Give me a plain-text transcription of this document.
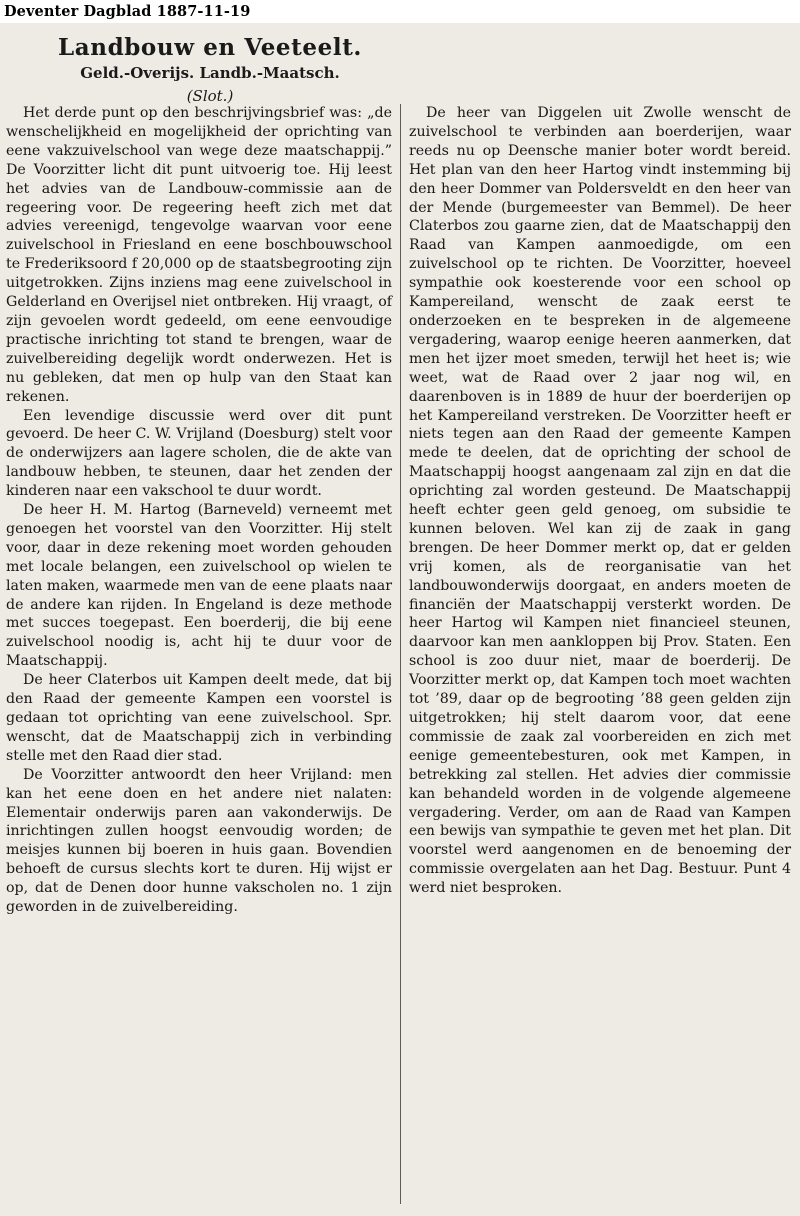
Deventer Dagblad 1887-11-19
Landbouw en Veeteelt.
Geld.-Overijs. Landb.-Maatsch.
(Slot.)

Het derde punt op den beschrijvingsbrief was: „de wenschelijkheid en mogelijkheid der oprichting van eene vakzuivelschool van wege deze maatschappij.” De Voorzitter licht dit punt uitvoerig toe. Hij leest het advies van de Landbouw-commissie aan de regeering voor. De regeering heeft zich met dat advies vereenigd, tengevolge waarvan voor eene zuivelschool in Friesland en eene boschbouwschool te Frederiksoord f 20,000 op de staatsbegrooting zijn uitgetrokken. Zijns inziens mag eene zuivelschool in Gelderland en Overijsel niet ontbreken. Hij vraagt, of zijn gevoelen wordt gedeeld, om eene eenvoudige practische inrichting tot stand te brengen, waar de zuivelbereiding degelijk wordt onderwezen. Het is nu gebleken, dat men op hulp van den Staat kan rekenen.

Een levendige discussie werd over dit punt gevoerd. De heer C. W. Vrijland (Doesburg) stelt voor de onderwijzers aan lagere scholen, die de akte van landbouw hebben, te steunen, daar het zenden der kinderen naar een vakschool te duur wordt.

De heer H. M. Hartog (Barneveld) verneemt met genoegen het voorstel van den Voorzitter. Hij stelt voor, daar in deze rekening moet worden gehouden met locale belangen, een zuivelschool op wielen te laten maken, waarmede men van de eene plaats naar de andere kan rijden. In Engeland is deze methode met succes toegepast. Een boerderij, die bij eene zuivelschool noodig is, acht hij te duur voor de Maatschappij.

De heer Claterbos uit Kampen deelt mede, dat bij den Raad der gemeente Kampen een voorstel is gedaan tot oprichting van eene zuivelschool. Spr. wenscht, dat de Maatschappij zich in verbinding stelle met den Raad dier stad.

De Voorzitter antwoordt den heer Vrijland: men kan het eene doen en het andere niet nalaten: Elementair onderwijs paren aan vakonderwijs. De inrichtingen zullen hoogst eenvoudig worden; de meisjes kunnen bij boeren in huis gaan. Bovendien behoeft de cursus slechts kort te duren. Hij wijst er op, dat de Denen door hunne vakscholen no. 1 zijn geworden in de zuivelbereiding.

De heer van Diggelen uit Zwolle wenscht de zuivelschool te verbinden aan boerderijen, waar reeds nu op Deensche manier boter wordt bereid. Het plan van den heer Hartog vindt instemming bij den heer Dommer van Poldersveldt en den heer van der Mende (burgemeester van Bemmel). De heer Claterbos zou gaarne zien, dat de Maatschappij den Raad van Kampen aanmoedigde, om een zuivelschool op te richten. De Voorzitter, hoeveel sympathie ook koesterende voor een school op Kampereiland, wenscht de zaak eerst te onderzoeken en te bespreken in de algemeene vergadering, waarop eenige heeren aanmerken, dat men het ijzer moet smeden, terwijl het heet is; wie weet, wat de Raad over 2 jaar nog wil, en daarenboven is in 1889 de huur der boerderijen op het Kampereiland verstreken. De Voorzitter heeft er niets tegen aan den Raad der gemeente Kampen mede te deelen, dat de oprichting der school de Maatschappij hoogst aangenaam zal zijn en dat die oprichting zal worden gesteund. De Maatschappij heeft echter geen geld genoeg, om subsidie te kunnen beloven. Wel kan zij de zaak in gang brengen. De heer Dommer merkt op, dat er gelden vrij komen, als de reorganisatie van het landbouwonderwijs doorgaat, en anders moeten de financiën der Maatschappij versterkt worden. De heer Hartog wil Kampen niet financieel steunen, daarvoor kan men aankloppen bij Prov. Staten. Een school is zoo duur niet, maar de boerderij. De Voorzitter merkt op, dat Kampen toch moet wachten tot ’89, daar op de begrooting ’88 geen gelden zijn uitgetrokken; hij stelt daarom voor, dat eene commissie de zaak zal voorbereiden en zich met eenige gemeentebesturen, ook met Kampen, in betrekking zal stellen. Het advies dier commissie kan behandeld worden in de volgende algemeene vergadering. Verder, om aan de Raad van Kampen een bewijs van sympathie te geven met het plan. Dit voorstel werd aangenomen en de benoeming der commissie overgelaten aan het Dag. Bestuur. Punt 4 werd niet besproken.
